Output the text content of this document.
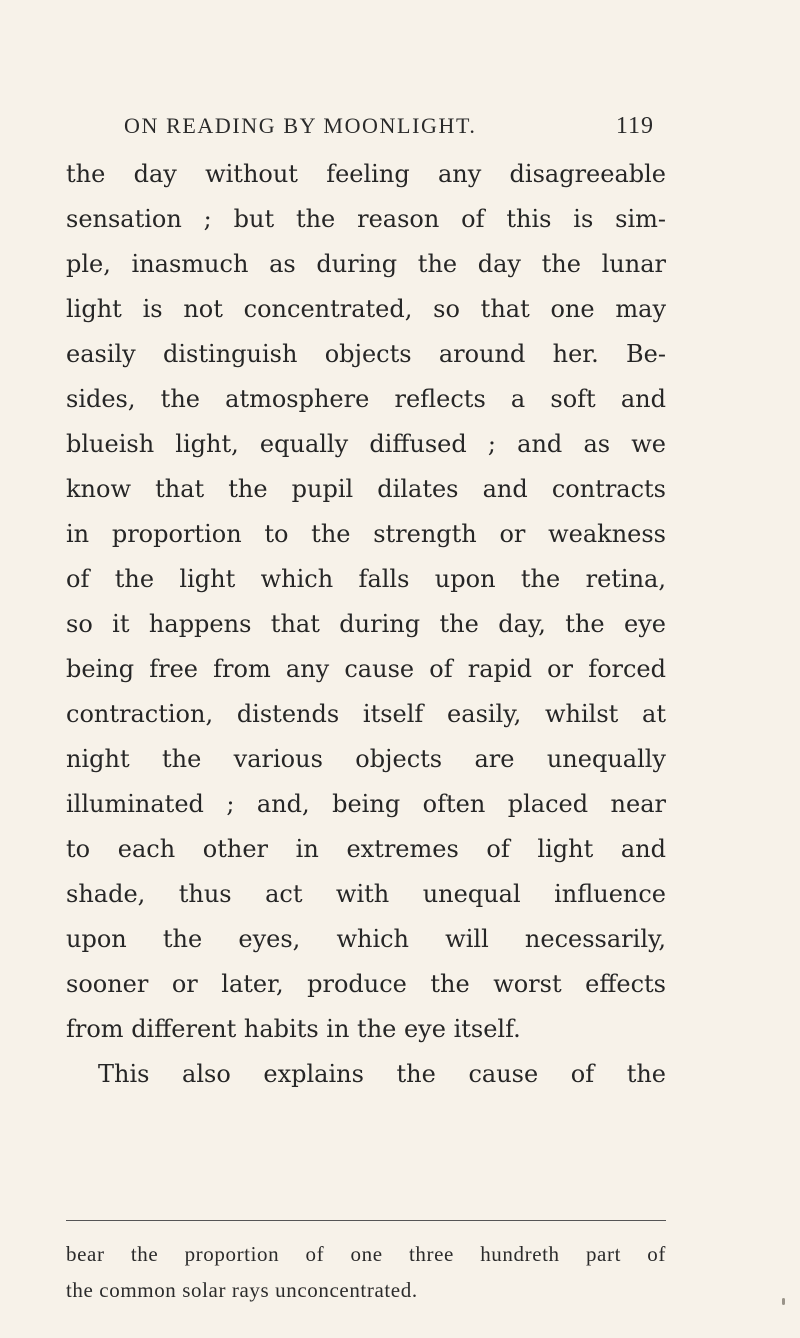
ON READING BY MOONLIGHT.	119
the day without feeling any disagreeable
sensation ; but the reason of this is sim-
ple, inasmuch as during the day the lunar
light is not concentrated, so that one may
easily distinguish objects around her. Be-
sides, the atmosphere reflects a soft and
blueish light, equally diffused ; and as we
know that the pupil dilates and contracts
in proportion to the strength or weakness
of the light which falls upon the retina,
so it happens that during the day, the eye
being free from any cause of rapid or forced
contraction, distends itself easily, whilst at
night the various objects are unequally
illuminated ; and, being often placed near
to each other in extremes of light and
shade, thus act with unequal influence
upon the eyes, which will necessarily,
sooner or later, produce the worst effects
from different habits in the eye itself.
This also explains the cause of the
bear the proportion of one three hundreth part of
the common solar rays unconcentrated.
